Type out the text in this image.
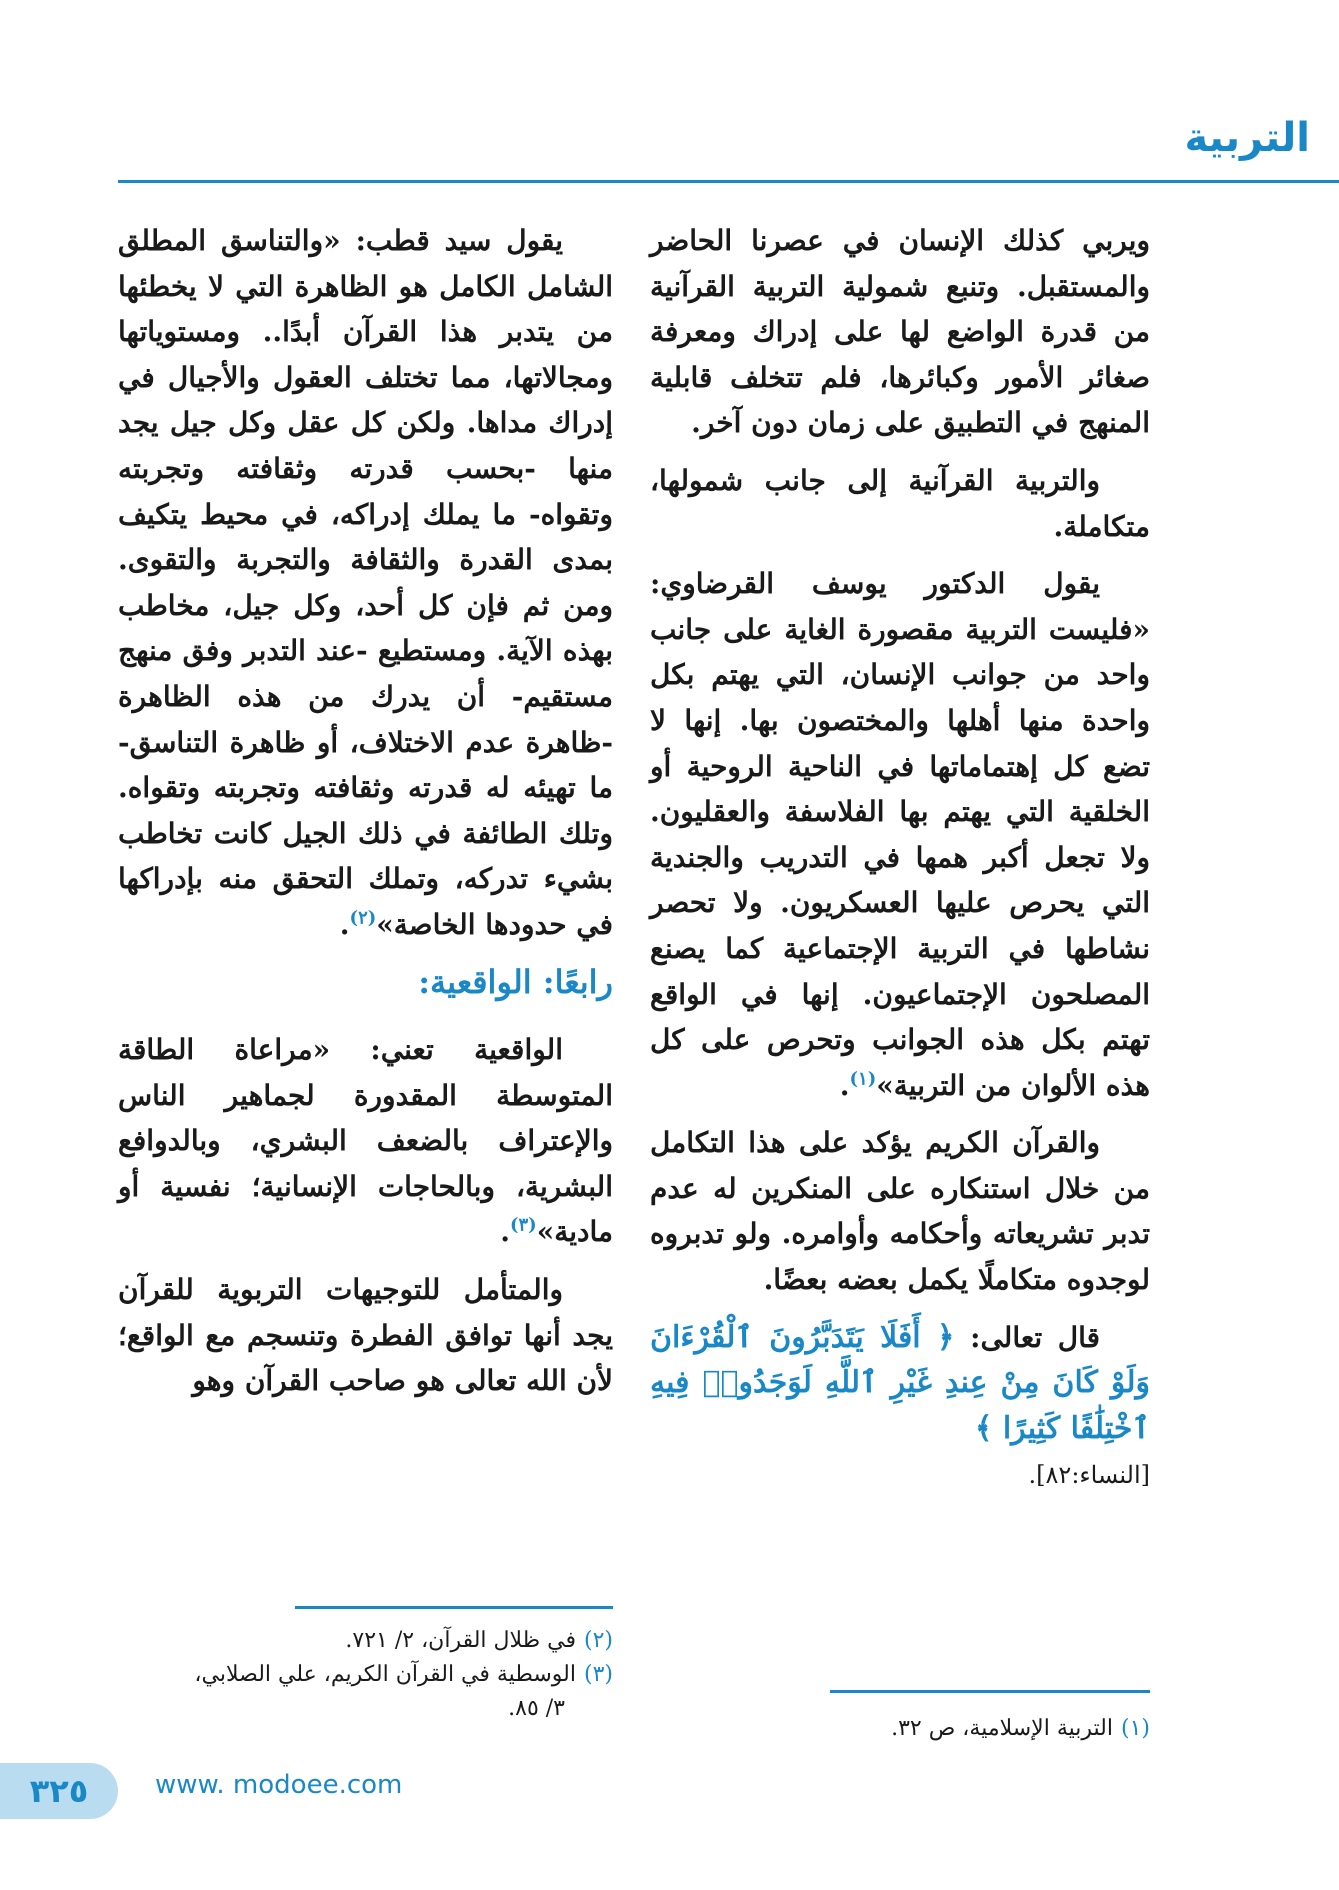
التربية

ويربي كذلك الإنسان في عصرنا الحاضر والمستقبل. وتنبع شمولية التربية القرآنية من قدرة الواضع لها على إدراك ومعرفة صغائر الأمور وكبائرها، فلم تتخلف قابلية المنهج في التطبيق على زمان دون آخر.

والتربية القرآنية إلى جانب شمولها، متكاملة.

يقول الدكتور يوسف القرضاوي: «فليست التربية مقصورة الغاية على جانب واحد من جوانب الإنسان، التي يهتم بكل واحدة منها أهلها والمختصون بها. إنها لا تضع كل إهتماماتها في الناحية الروحية أو الخلقية التي يهتم بها الفلاسفة والعقليون. ولا تجعل أكبر همها في التدريب والجندية التي يحرص عليها العسكريون. ولا تحصر نشاطها في التربية الإجتماعية كما يصنع المصلحون الإجتماعيون. إنها في الواقع تهتم بكل هذه الجوانب وتحرص على كل هذه الألوان من التربية»$^{(١)}$.

والقرآن الكريم يؤكد على هذا التكامل من خلال استنكاره على المنكرين له عدم تدبر تشريعاته وأحكامه وأوامره. ولو تدبروه لوجدوه متكاملًا يكمل بعضه بعضًا.

قال تعالى: ﴿ أَفَلَا يَتَدَبَّرُونَ ٱلْقُرْءَانَ وَلَوْ كَانَ مِنْ عِندِ غَيْرِ ٱللَّهِ لَوَجَدُوا۟ فِيهِ ٱخْتِلَٰفًا كَثِيرًا ﴾
[النساء:٨٢].

يقول سيد قطب: «والتناسق المطلق الشامل الكامل هو الظاهرة التي لا يخطئها من يتدبر هذا القرآن أبدًا.. ومستوياتها ومجالاتها، مما تختلف العقول والأجيال في إدراك مداها. ولكن كل عقل وكل جيل يجد منها -بحسب قدرته وثقافته وتجربته وتقواه- ما يملك إدراكه، في محيط يتكيف بمدى القدرة والثقافة والتجربة والتقوى. ومن ثم فإن كل أحد، وكل جيل، مخاطب بهذه الآية. ومستطيع -عند التدبر وفق منهج مستقيم- أن يدرك من هذه الظاهرة -ظاهرة عدم الاختلاف، أو ظاهرة التناسق- ما تهيئه له قدرته وثقافته وتجربته وتقواه. وتلك الطائفة في ذلك الجيل كانت تخاطب بشيء تدركه، وتملك التحقق منه بإدراكها في حدودها الخاصة»$^{(٢)}$.

رابعًا: الواقعية:

الواقعية تعني: «مراعاة الطاقة المتوسطة المقدورة لجماهير الناس والإعتراف بالضعف البشري، وبالدوافع البشرية، وبالحاجات الإنسانية؛ نفسية أو مادية»$^{(٣)}$.

والمتأمل للتوجيهات التربوية للقرآن يجد أنها توافق الفطرة وتنسجم مع الواقع؛ لأن الله تعالى هو صاحب القرآن وهو

(١)التربية الإسلامية، ص ٣٢.

(٢)في ظلال القرآن، ٢/ ٧٢١.

(٣)الوسطية في القرآن الكريم، علي الصلابي،

٣/ ٨٥.

٣٢٥	www. modoee.com
